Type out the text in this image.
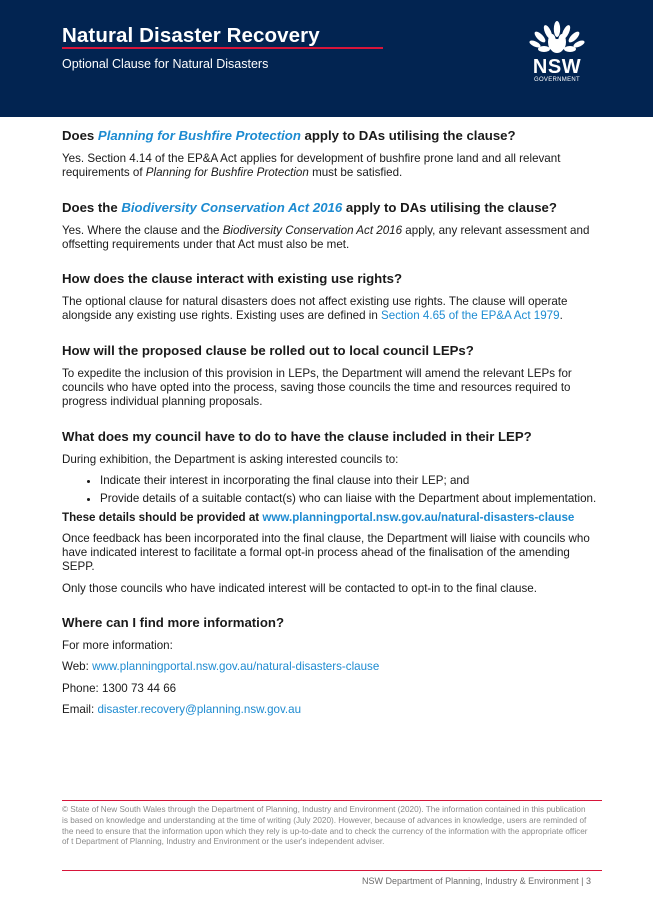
Natural Disaster Recovery
Optional Clause for Natural Disasters	NSW
GOVERNMENT
Does Planning for Bushfire Protection apply to DAs utilising the clause?

Yes. Section 4.14 of the EP&A Act applies for development of bushfire prone land and all relevant requirements of Planning for Bushfire Protection must be satisfied.

Does the Biodiversity Conservation Act 2016 apply to DAs utilising the clause?

Yes. Where the clause and the Biodiversity Conservation Act 2016 apply, any relevant assessment and offsetting requirements under that Act must also be met.

How does the clause interact with existing use rights?

The optional clause for natural disasters does not affect existing use rights. The clause will operate alongside any existing use rights. Existing uses are defined in Section 4.65 of the EP&A Act 1979.

How will the proposed clause be rolled out to local council LEPs?

To expedite the inclusion of this provision in LEPs, the Department will amend the relevant LEPs for councils who have opted into the process, saving those councils the time and resources required to progress individual planning proposals.

What does my council have to do to have the clause included in their LEP?

During exhibition, the Department is asking interested councils to:

• Indicate their interest in incorporating the final clause into their LEP; and
• Provide details of a suitable contact(s) who can liaise with the Department about implementation.

These details should be provided at www.planningportal.nsw.gov.au/natural-disasters-clause

Once feedback has been incorporated into the final clause, the Department will liaise with councils who have indicated interest to facilitate a formal opt-in process ahead of the finalisation of the amending SEPP.

Only those councils who have indicated interest will be contacted to opt-in to the final clause.

Where can I find more information?

For more information:

Web: www.planningportal.nsw.gov.au/natural-disasters-clause

Phone: 1300 73 44 66

Email: disaster.recovery@planning.nsw.gov.au

© State of New South Wales through the Department of Planning, Industry and Environment (2020). The information contained in this publication is based on knowledge and understanding at the time of writing (July 2020). However, because of advances in knowledge, users are reminded of the need to ensure that the information upon which they rely is up-to-date and to check the currency of the information with the appropriate officer of t Department of Planning, Industry and Environment or the user's independent adviser.
NSW Department of Planning, Industry & Environment | 3
